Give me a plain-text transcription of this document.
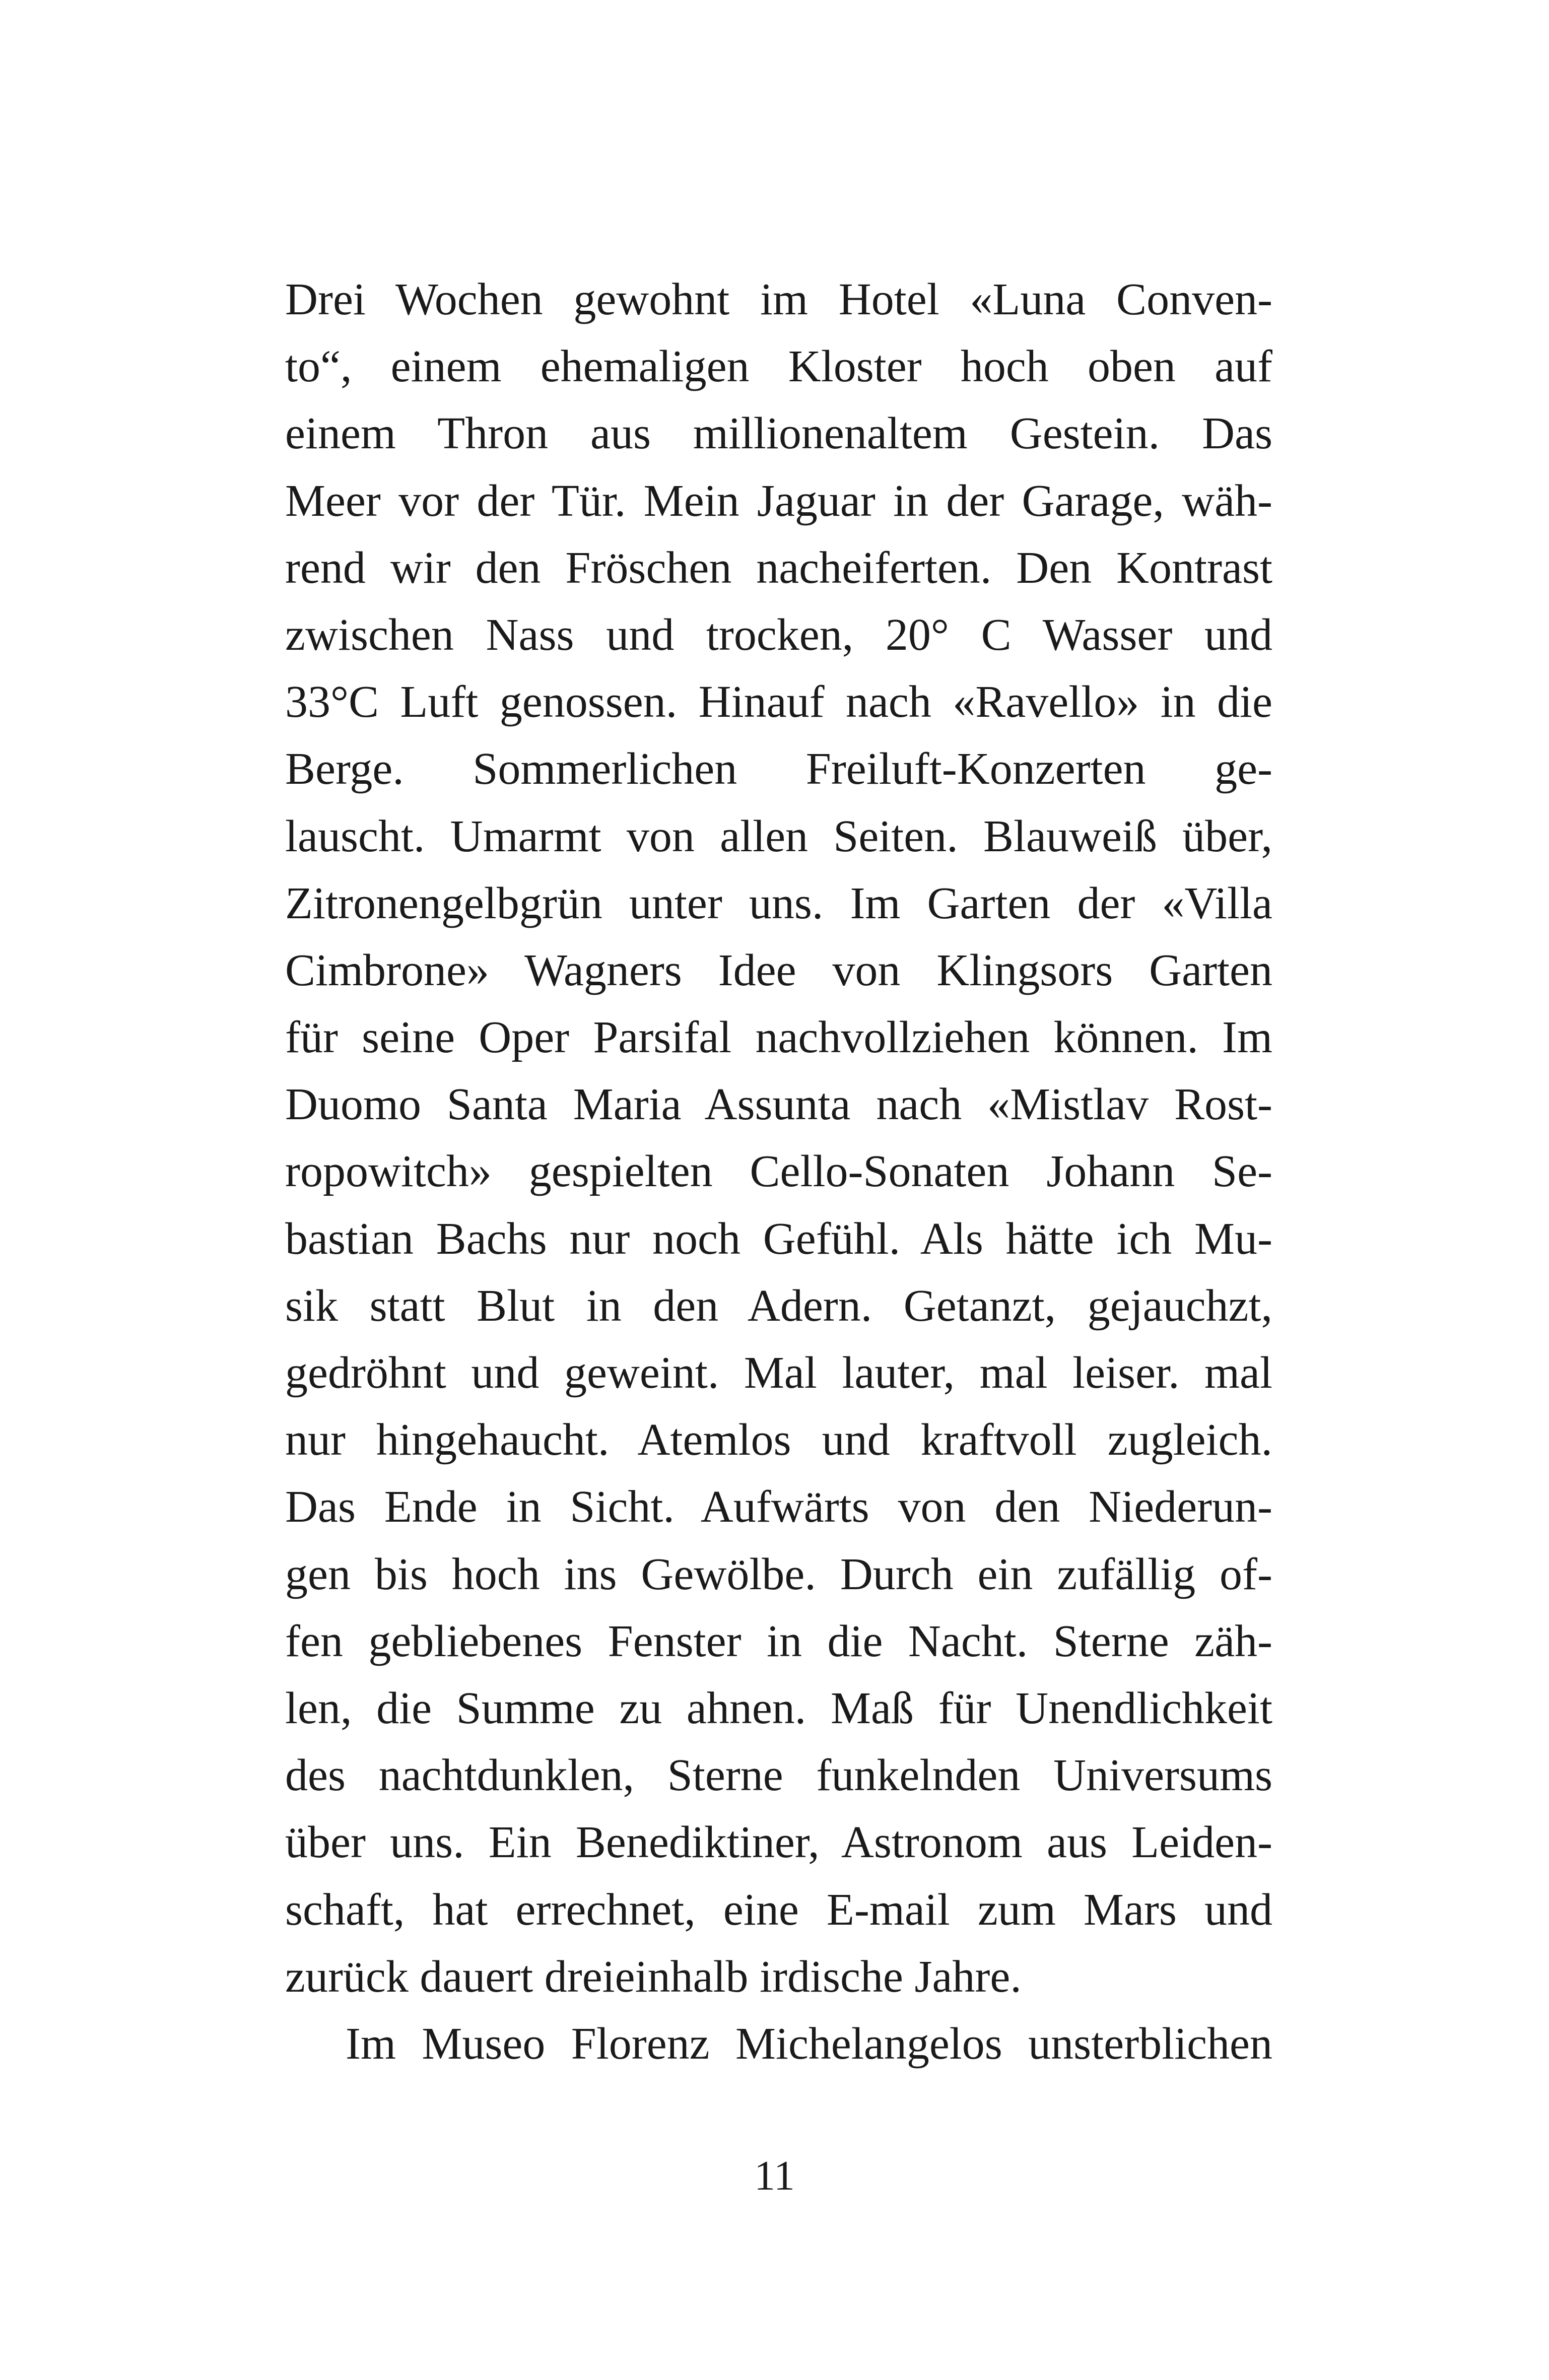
Drei Wochen gewohnt im Hotel «Luna Conven-
to“, einem ehemaligen Kloster hoch oben auf
einem Thron aus millionenaltem Gestein. Das
Meer vor der Tür. Mein Jaguar in der Garage, wäh-
rend wir den Fröschen nacheiferten. Den Kontrast
zwischen Nass und trocken, 20° C Wasser und
33°C Luft genossen. Hinauf nach «Ravello» in die
Berge. Sommerlichen Freiluft-Konzerten ge-
lauscht. Umarmt von allen Seiten. Blauweiß über,
Zitronengelbgrün unter uns. Im Garten der «Villa
Cimbrone» Wagners Idee von Klingsors Garten
für seine Oper Parsifal nachvollziehen können. Im
Duomo Santa Maria Assunta nach «Mistlav Rost-
ropowitch» gespielten Cello-Sonaten Johann Se-
bastian Bachs nur noch Gefühl. Als hätte ich Mu-
sik statt Blut in den Adern. Getanzt, gejauchzt,
gedröhnt und geweint. Mal lauter, mal leiser. mal
nur hingehaucht. Atemlos und kraftvoll zugleich.
Das Ende in Sicht. Aufwärts von den Niederun-
gen bis hoch ins Gewölbe. Durch ein zufällig of-
fen gebliebenes Fenster in die Nacht. Sterne zäh-
len, die Summe zu ahnen. Maß für Unendlichkeit
des nachtdunklen, Sterne funkelnden Universums
über uns. Ein Benediktiner, Astronom aus Leiden-
schaft, hat errechnet, eine E-mail zum Mars und
zurück dauert dreieinhalb irdische Jahre.
Im Museo Florenz Michelangelos unsterblichen
11
